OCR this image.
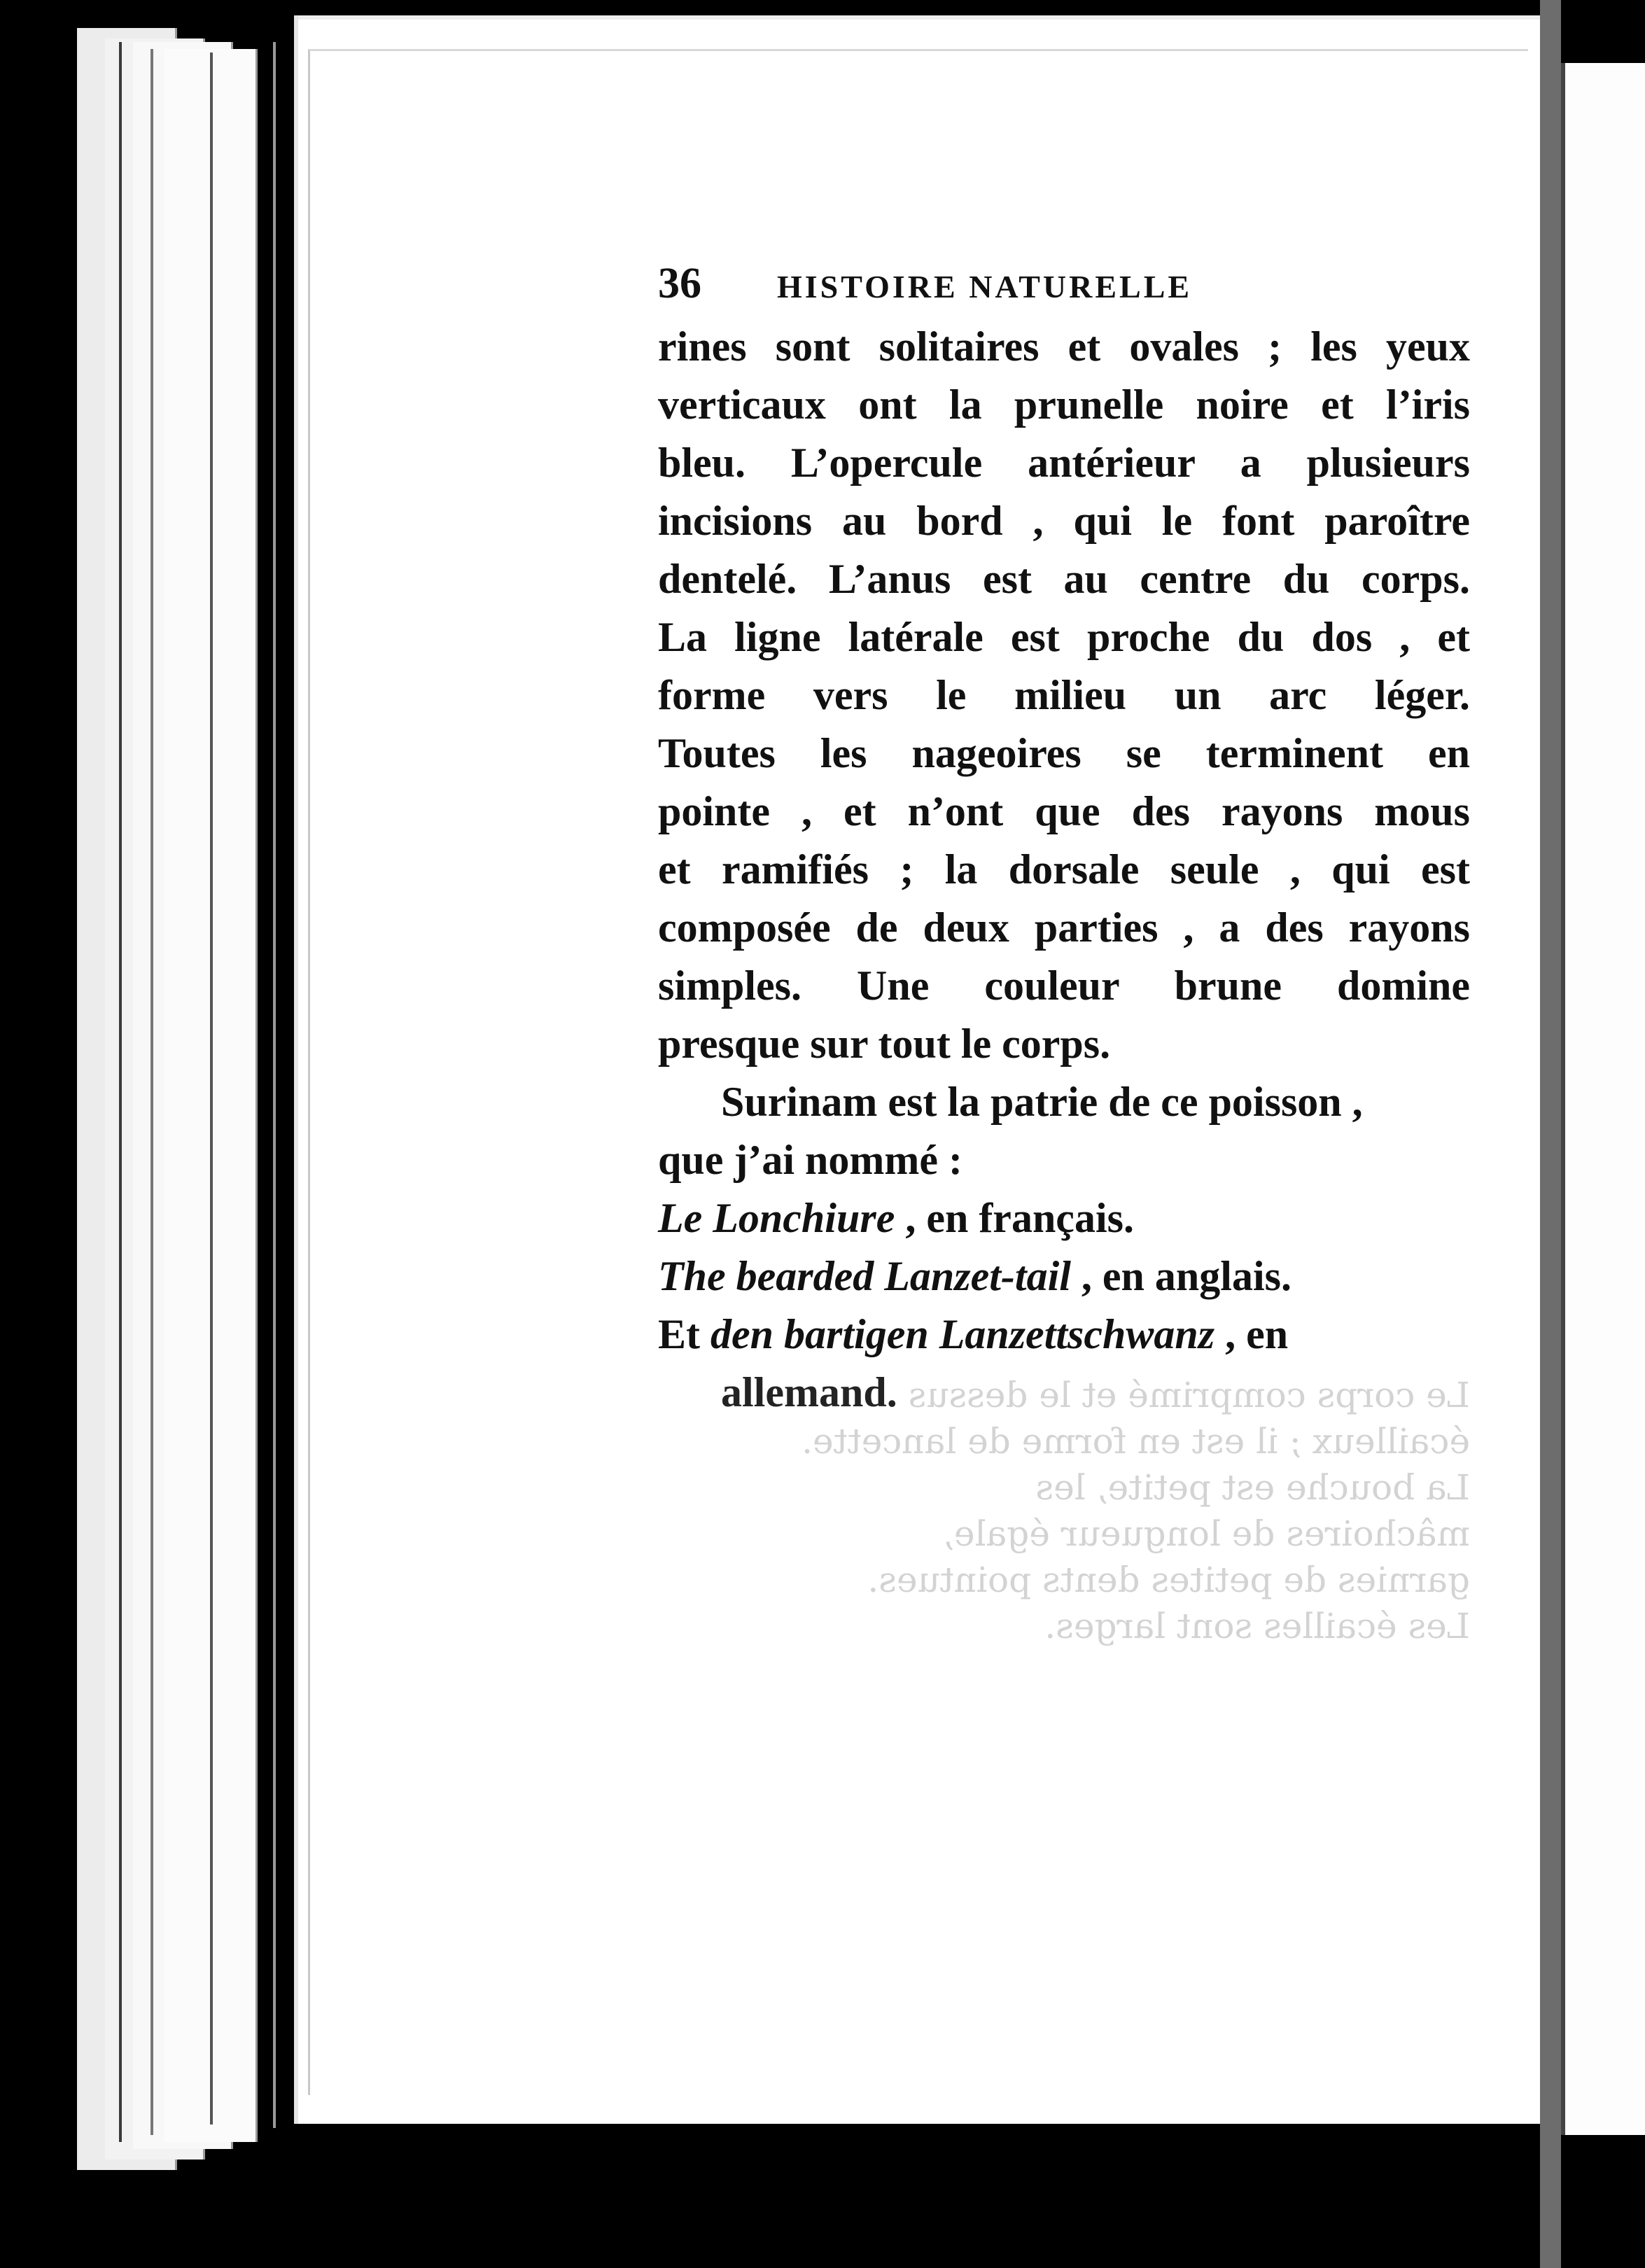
Le corps comprimé et le dessus
écailleux ; il est en forme de lancette.
La bouche est petite, les
mâchoires de longueur égale,
garnies de petites dents pointues.
Les écailles sont larges.
36	HISTOIRE NATURELLE
rines sont solitaires et ovales ; les yeux
verticaux ont la prunelle noire et l’iris
bleu. L’opercule antérieur a plusieurs
incisions au bord , qui le font paroître
dentelé. L’anus est au centre du corps.
La ligne latérale est proche du dos , et
forme vers le milieu un arc léger.
Toutes les nageoires se terminent en
pointe , et n’ont que des rayons mous
et ramifiés ; la dorsale seule , qui est
composée de deux parties , a des rayons
simples. Une couleur brune domine
presque sur tout le corps.
Surinam est la patrie de ce poisson ,
que j’ai nommé :
Le Lonchiure , en français.
The bearded Lanzet-tail , en anglais.
Et den bartigen Lanzettschwanz , en
allemand.
